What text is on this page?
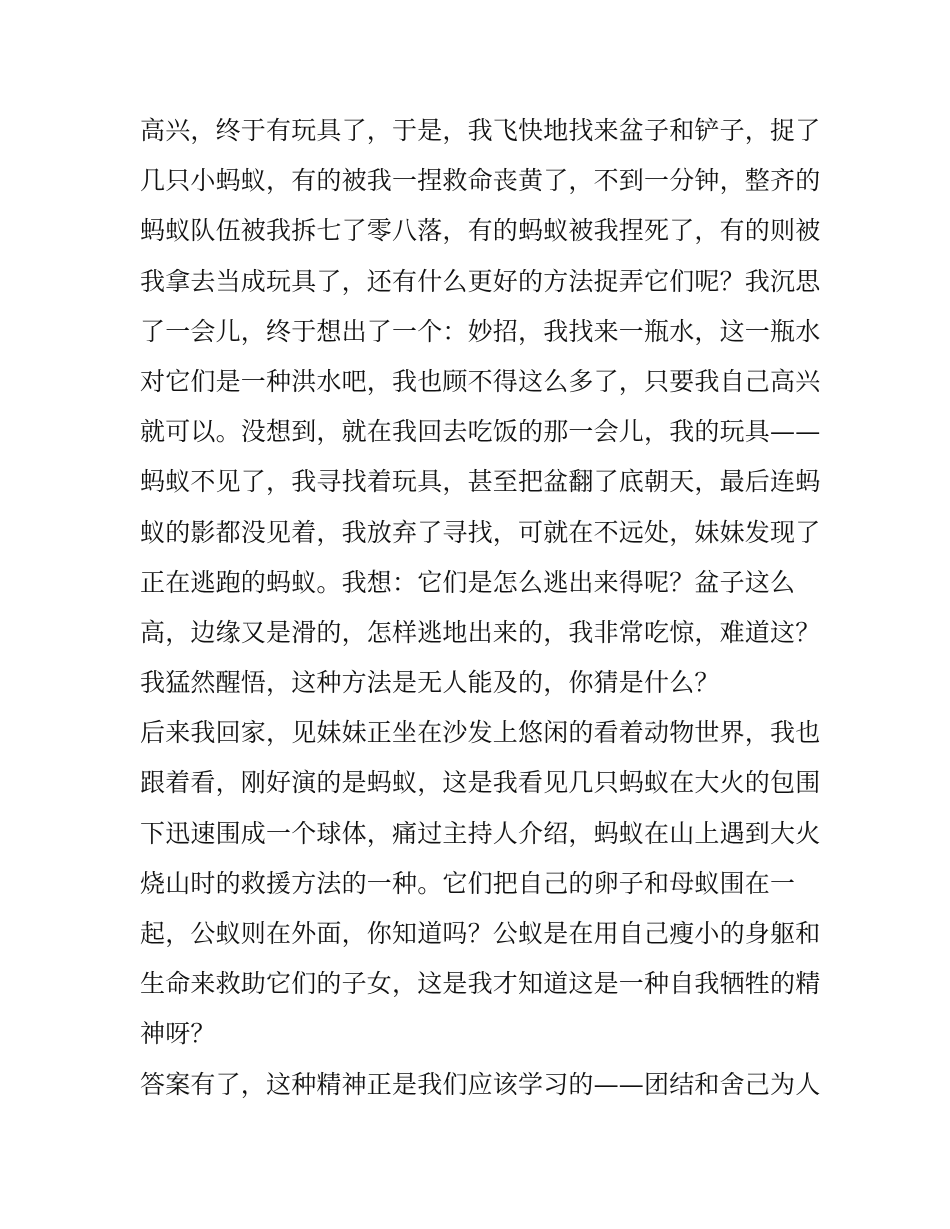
高兴，终于有玩具了，于是，我飞快地找来盆子和铲子，捉了
几只小蚂蚁，有的被我一捏救命丧黄了，不到一分钟，整齐的
蚂蚁队伍被我拆七了零八落，有的蚂蚁被我捏死了，有的则被
我拿去当成玩具了，还有什么更好的方法捉弄它们呢？我沉思
了一会儿，终于想出了一个：妙招，我找来一瓶水，这一瓶水
对它们是一种洪水吧，我也顾不得这么多了，只要我自己高兴
就可以。没想到，就在我回去吃饭的那一会儿，我的玩具——
蚂蚁不见了，我寻找着玩具，甚至把盆翻了底朝天，最后连蚂
蚁的影都没见着，我放弃了寻找，可就在不远处，妹妹发现了
正在逃跑的蚂蚁。我想：它们是怎么逃出来得呢？盆子这么
高，边缘又是滑的，怎样逃地出来的，我非常吃惊，难道这？
我猛然醒悟，这种方法是无人能及的，你猜是什么？
后来我回家，见妹妹正坐在沙发上悠闲的看着动物世界，我也
跟着看，刚好演的是蚂蚁，这是我看见几只蚂蚁在大火的包围
下迅速围成一个球体，痛过主持人介绍，蚂蚁在山上遇到大火
烧山时的救援方法的一种。它们把自己的卵子和母蚁围在一
起，公蚁则在外面，你知道吗？公蚁是在用自己瘦小的身躯和
生命来救助它们的子女，这是我才知道这是一种自我牺牲的精
神呀？
答案有了，这种精神正是我们应该学习的——团结和舍己为人
